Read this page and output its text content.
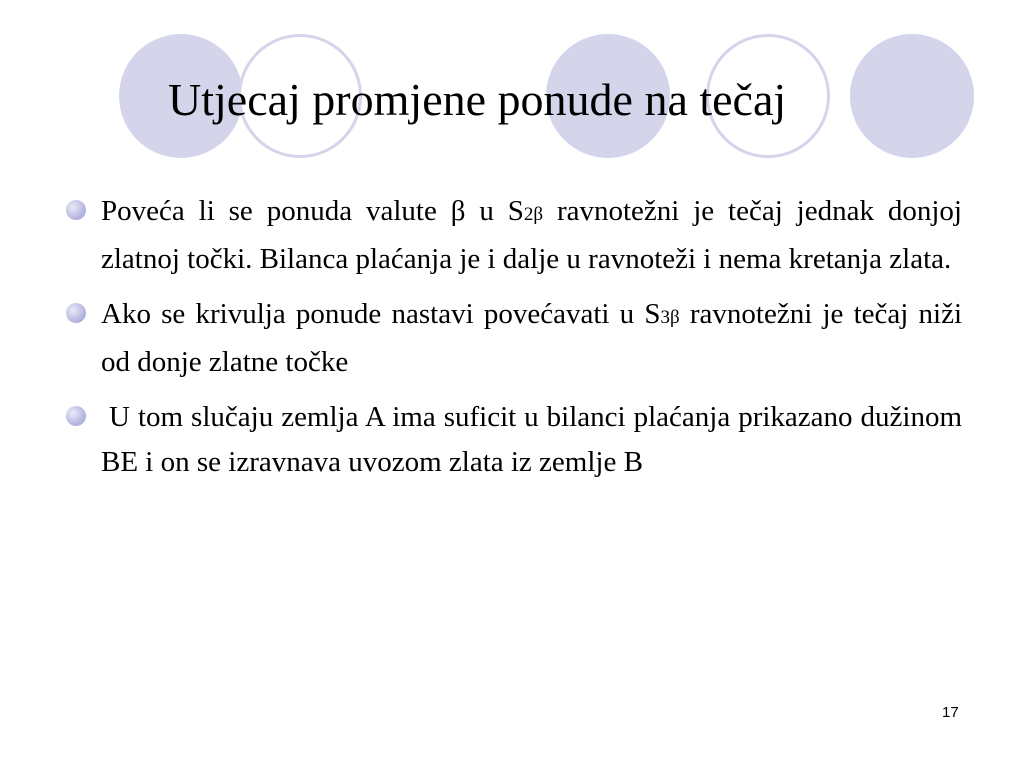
Utjecaj promjene ponude na tečaj
Poveća li se ponuda valute β u S2β ravnotežni je tečaj jednak donjoj zlatnoj točki. Bilanca plaćanja je i dalje u ravnoteži i nema kretanja zlata.
Ako se krivulja ponude nastavi povećavati u S3β ravnotežni je tečaj niži od donje zlatne točke
U tom slučaju zemlja A ima suficit u bilanci plaćanja prikazano dužinom BE i on se izravnava uvozom zlata iz zemlje B
17
